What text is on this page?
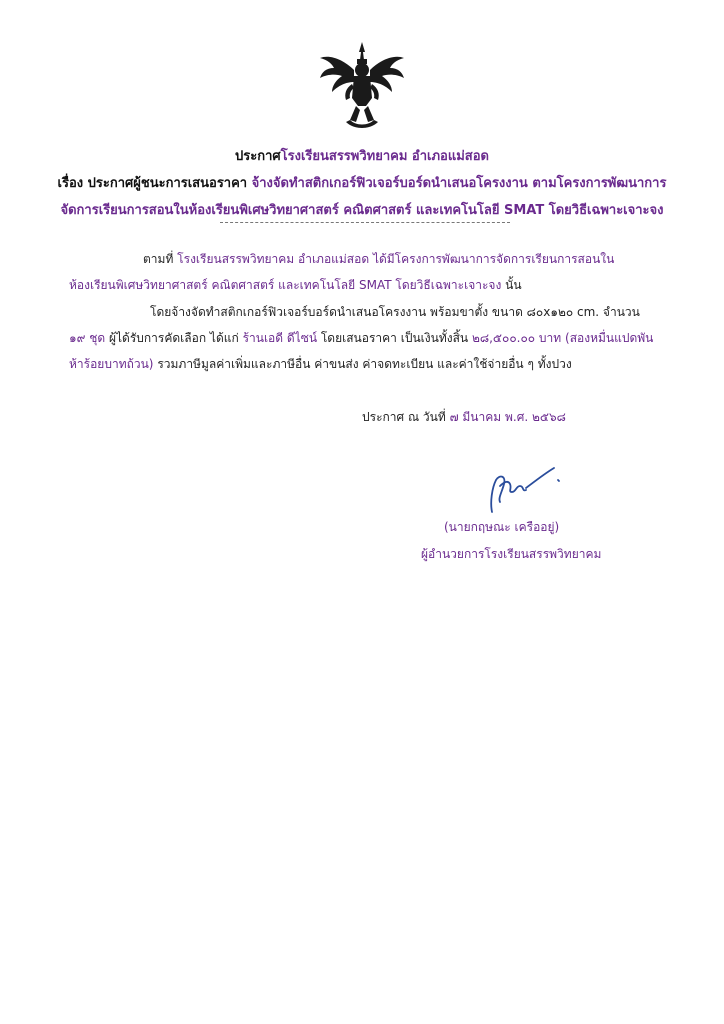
ประกาศโรงเรียนสรรพวิทยาคม อำเภอแม่สอด
เรื่อง ประกาศผู้ชนะการเสนอราคา จ้างจัดทำสติกเกอร์ฟิวเจอร์บอร์ดนำเสนอโครงงาน ตามโครงการพัฒนาการ
จัดการเรียนการสอนในห้องเรียนพิเศษวิทยาศาสตร์ คณิตศาสตร์ และเทคโนโลยี SMAT โดยวิธีเฉพาะเจาะจง
ตามที่ โรงเรียนสรรพวิทยาคม อำเภอแม่สอด ได้มีโครงการพัฒนาการจัดการเรียนการสอนใน
ห้องเรียนพิเศษวิทยาศาสตร์ คณิตศาสตร์ และเทคโนโลยี SMAT โดยวิธีเฉพาะเจาะจง นั้น
โดยจ้างจัดทำสติกเกอร์ฟิวเจอร์บอร์ดนำเสนอโครงงาน พร้อมขาตั้ง ขนาด ๘๐x๑๒๐ cm. จำนวน
๑๙ ชุด ผู้ได้รับการคัดเลือก ได้แก่ ร้านเอดี ดีไซน์ โดยเสนอราคา เป็นเงินทั้งสิ้น ๒๘,๕๐๐.๐๐ บาท (สองหมื่นแปดพัน
ห้าร้อยบาทถ้วน) รวมภาษีมูลค่าเพิ่มและภาษีอื่น ค่าขนส่ง ค่าจดทะเบียน และค่าใช้จ่ายอื่น ๆ ทั้งปวง
ประกาศ ณ วันที่ ๗ มีนาคม พ.ศ. ๒๕๖๘
(นายกฤษณะ เครืออยู่)
ผู้อำนวยการโรงเรียนสรรพวิทยาคม
